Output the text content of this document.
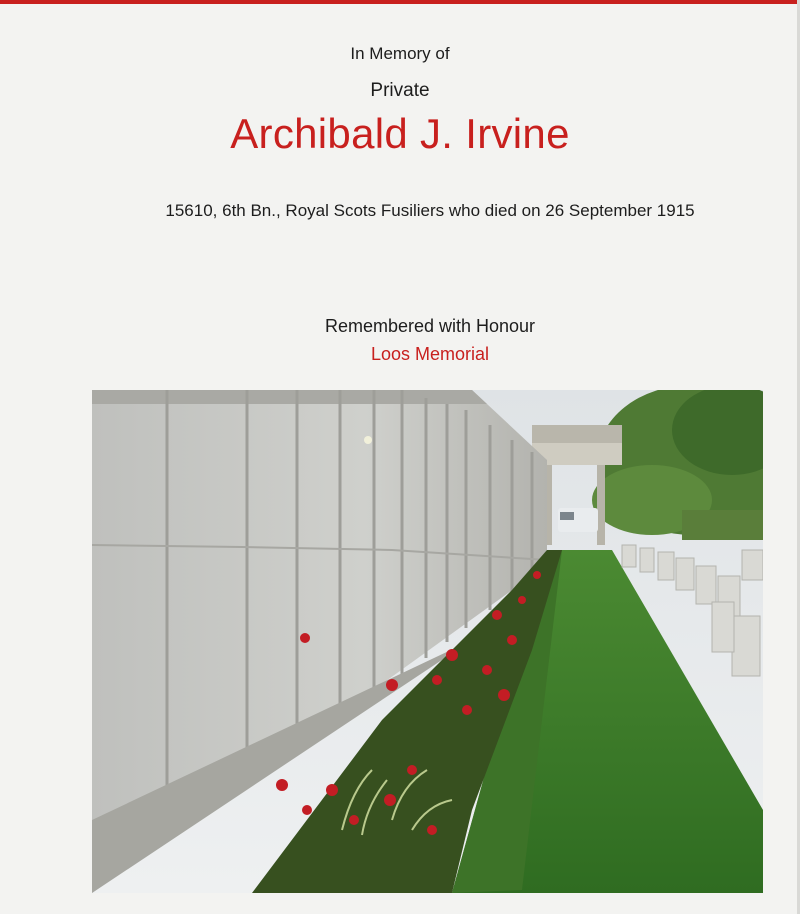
In Memory of
Private
Archibald J. Irvine
15610, 6th Bn., Royal Scots Fusiliers who died on 26 September 1915
Remembered with Honour
Loos Memorial
